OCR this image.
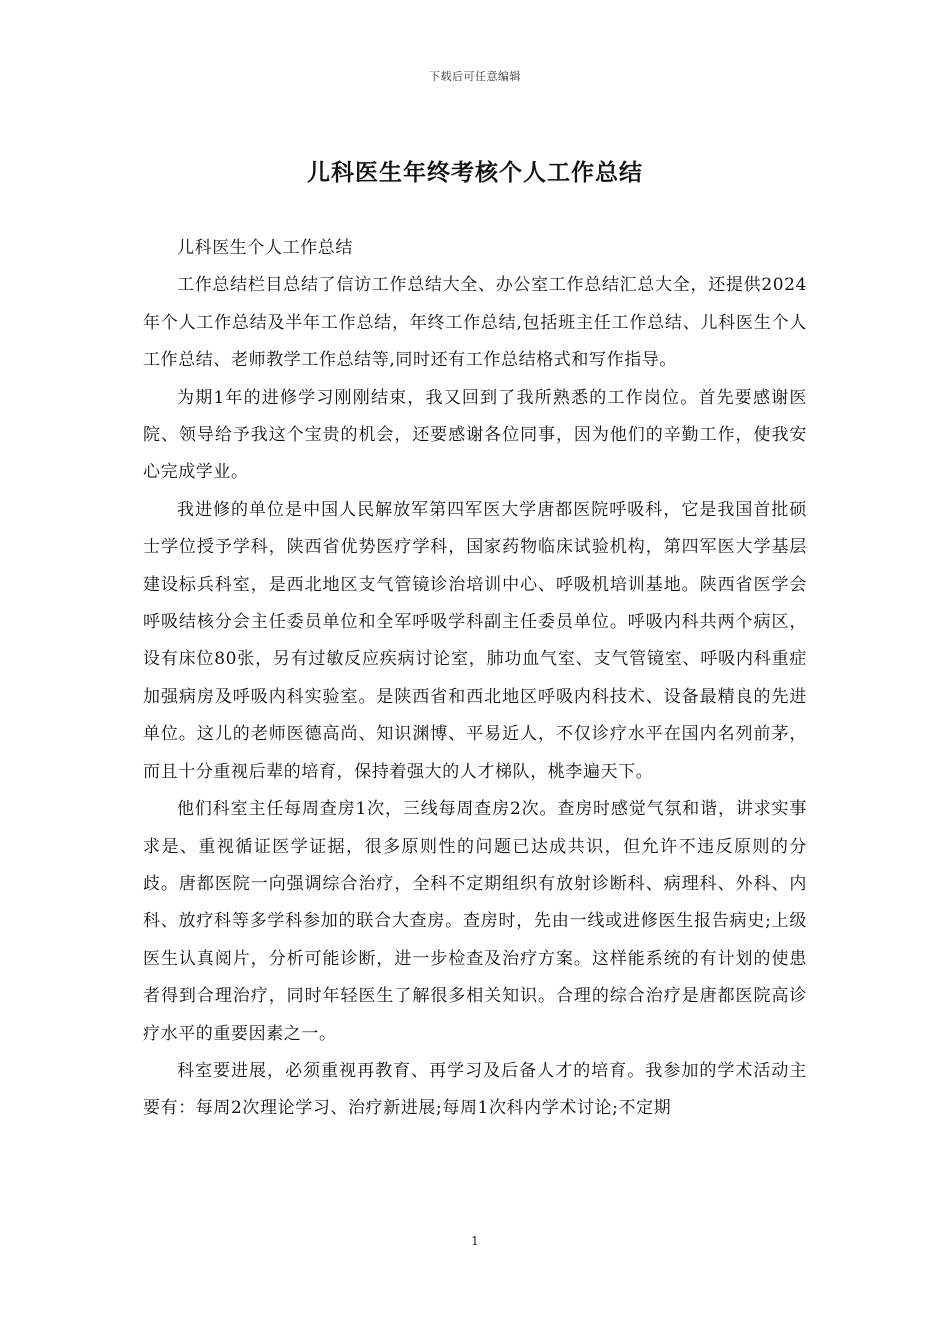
下载后可任意编辑
儿科医生年终考核个人工作总结

儿科医生个人工作总结

工作总结栏目总结了信访工作总结大全、办公室工作总结汇总大全，还提供2024年个人工作总结及半年工作总结，年终工作总结,包括班主任工作总结、儿科医生个人工作总结、老师教学工作总结等,同时还有工作总结格式和写作指导。

为期1年的进修学习刚刚结束，我又回到了我所熟悉的工作岗位。首先要感谢医院、领导给予我这个宝贵的机会，还要感谢各位同事，因为他们的辛勤工作，使我安心完成学业。

我进修的单位是中国人民解放军第四军医大学唐都医院呼吸科，它是我国首批硕士学位授予学科，陕西省优势医疗学科，国家药物临床试验机构，第四军医大学基层建设标兵科室，是西北地区支气管镜诊治培训中心、呼吸机培训基地。陕西省医学会呼吸结核分会主任委员单位和全军呼吸学科副主任委员单位。呼吸内科共两个病区，设有床位80张，另有过敏反应疾病讨论室，肺功血气室、支气管镜室、呼吸内科重症加强病房及呼吸内科实验室。是陕西省和西北地区呼吸内科技术、设备最精良的先进单位。这儿的老师医德高尚、知识渊博、平易近人，不仅诊疗水平在国内名列前茅，而且十分重视后辈的培育，保持着强大的人才梯队，桃李遍天下。

他们科室主任每周查房1次，三线每周查房2次。查房时感觉气氛和谐，讲求实事求是、重视循证医学证据，很多原则性的问题已达成共识，但允许不违反原则的分歧。唐都医院一向强调综合治疗，全科不定期组织有放射诊断科、病理科、外科、内科、放疗科等多学科参加的联合大查房。查房时，先由一线或进修医生报告病史;上级医生认真阅片，分析可能诊断，进一步检查及治疗方案。这样能系统的有计划的使患者得到合理治疗，同时年轻医生了解很多相关知识。合理的综合治疗是唐都医院高诊疗水平的重要因素之一。

科室要进展，必须重视再教育、再学习及后备人才的培育。我参加的学术活动主要有：每周2次理论学习、治疗新进展;每周1次科内学术讨论;不定期

1
